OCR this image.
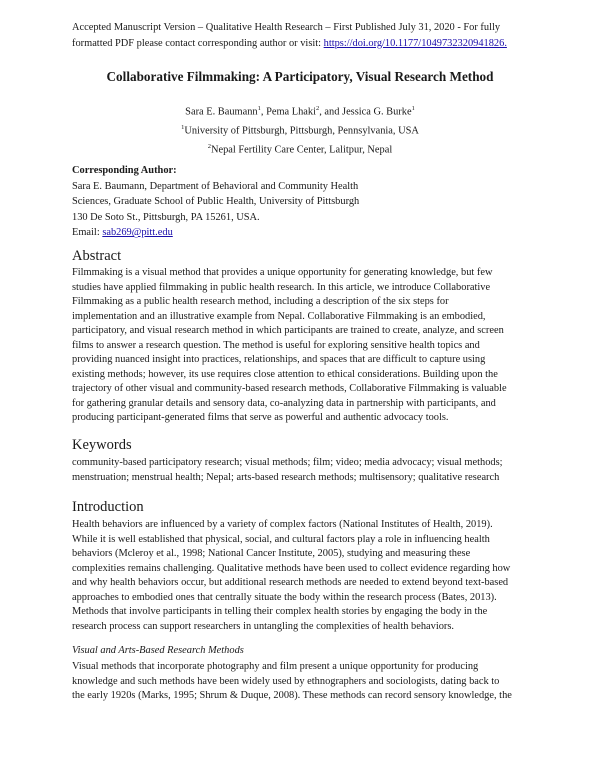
Accepted Manuscript Version – Qualitative Health Research – First Published July 31, 2020 - For fully
formatted PDF please contact corresponding author or visit: https://doi.org/10.1177/1049732320941826.
Collaborative Filmmaking: A Participatory, Visual Research Method
Sara E. Baumann$^1$, Pema Lhaki$^2$, and Jessica G. Burke$^1$
$^1$University of Pittsburgh, Pittsburgh, Pennsylvania, USA
$^2$Nepal Fertility Care Center, Lalitpur, Nepal
Corresponding Author:
Sara E. Baumann, Department of Behavioral and Community Health
Sciences, Graduate School of Public Health, University of Pittsburgh
130 De Soto St., Pittsburgh, PA 15261, USA.
Email: sab269@pitt.edu
Abstract
Filmmaking is a visual method that provides a unique opportunity for generating knowledge, but few
studies have applied filmmaking in public health research. In this article, we introduce Collaborative
Filmmaking as a public health research method, including a description of the six steps for
implementation and an illustrative example from Nepal. Collaborative Filmmaking is an embodied,
participatory, and visual research method in which participants are trained to create, analyze, and screen
films to answer a research question. The method is useful for exploring sensitive health topics and
providing nuanced insight into practices, relationships, and spaces that are difficult to capture using
existing methods; however, its use requires close attention to ethical considerations. Building upon the
trajectory of other visual and community-based research methods, Collaborative Filmmaking is valuable
for gathering granular details and sensory data, co-analyzing data in partnership with participants, and
producing participant-generated films that serve as powerful and authentic advocacy tools.
Keywords
community-based participatory research; visual methods; film; video; media advocacy; visual methods;
menstruation; menstrual health; Nepal; arts-based research methods; multisensory; qualitative research
Introduction
Health behaviors are influenced by a variety of complex factors (National Institutes of Health, 2019).
While it is well established that physical, social, and cultural factors play a role in influencing health
behaviors (Mcleroy et al., 1998; National Cancer Institute, 2005), studying and measuring these
complexities remains challenging. Qualitative methods have been used to collect evidence regarding how
and why health behaviors occur, but additional research methods are needed to extend beyond text-based
approaches to embodied ones that centrally situate the body within the research process (Bates, 2013).
Methods that involve participants in telling their complex health stories by engaging the body in the
research process can support researchers in untangling the complexities of health behaviors.
Visual and Arts-Based Research Methods
Visual methods that incorporate photography and film present a unique opportunity for producing
knowledge and such methods have been widely used by ethnographers and sociologists, dating back to
the early 1920s (Marks, 1995; Shrum & Duque, 2008). These methods can record sensory knowledge, the
